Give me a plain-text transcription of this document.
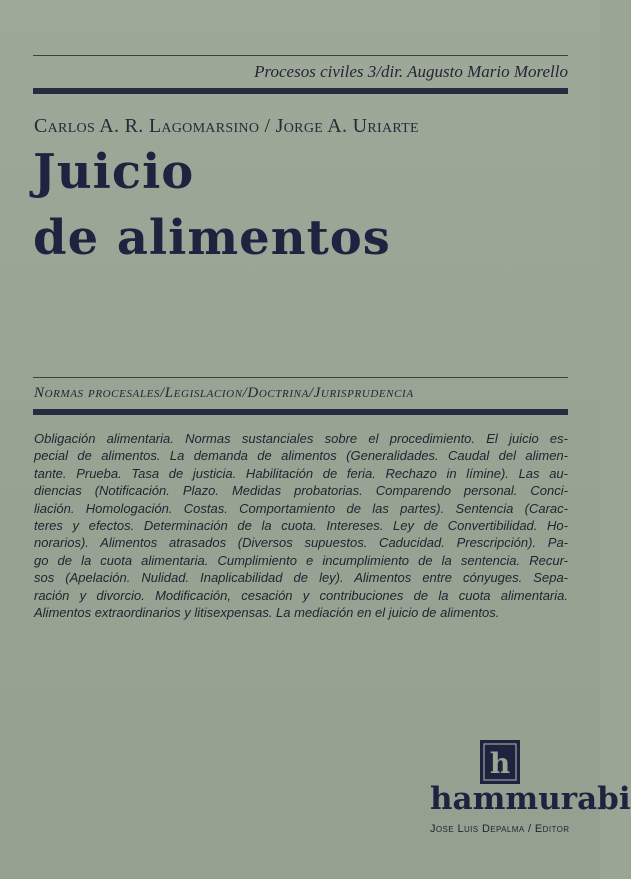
Procesos civiles 3/dir. Augusto Mario Morello
Carlos A. R. Lagomarsino / Jorge A. Uriarte
Juicio
de alimentos
Normas procesales/Legislacion/Doctrina/Jurisprudencia

Obligación alimentaria. Normas sustanciales sobre el procedimiento. El juicio es-
pecial de alimentos. La demanda de alimentos (Generalidades. Caudal del alimen-
tante. Prueba. Tasa de justicia. Habilitación de feria. Rechazo in límine). Las au-
diencias (Notificación. Plazo. Medidas probatorias. Comparendo personal. Conci-
liación. Homologación. Costas. Comportamiento de las partes). Sentencia (Carac-
teres y efectos. Determinación de la cuota. Intereses. Ley de Convertibilidad. Ho-
norarios). Alimentos atrasados (Diversos supuestos. Caducidad. Prescripción). Pa-
go de la cuota alimentaria. Cumplimiento e incumplimiento de la sentencia. Recur-
sos (Apelación. Nulidad. Inaplicabilidad de ley). Alimentos entre cónyuges. Sepa-
ración y divorcio. Modificación, cesación y contribuciones de la cuota alimentaria.
Alimentos extraordinarios y litisexpensas. La mediación en el juicio de alimentos.

h
hammurabi
Jose Luis Depalma / Editor
